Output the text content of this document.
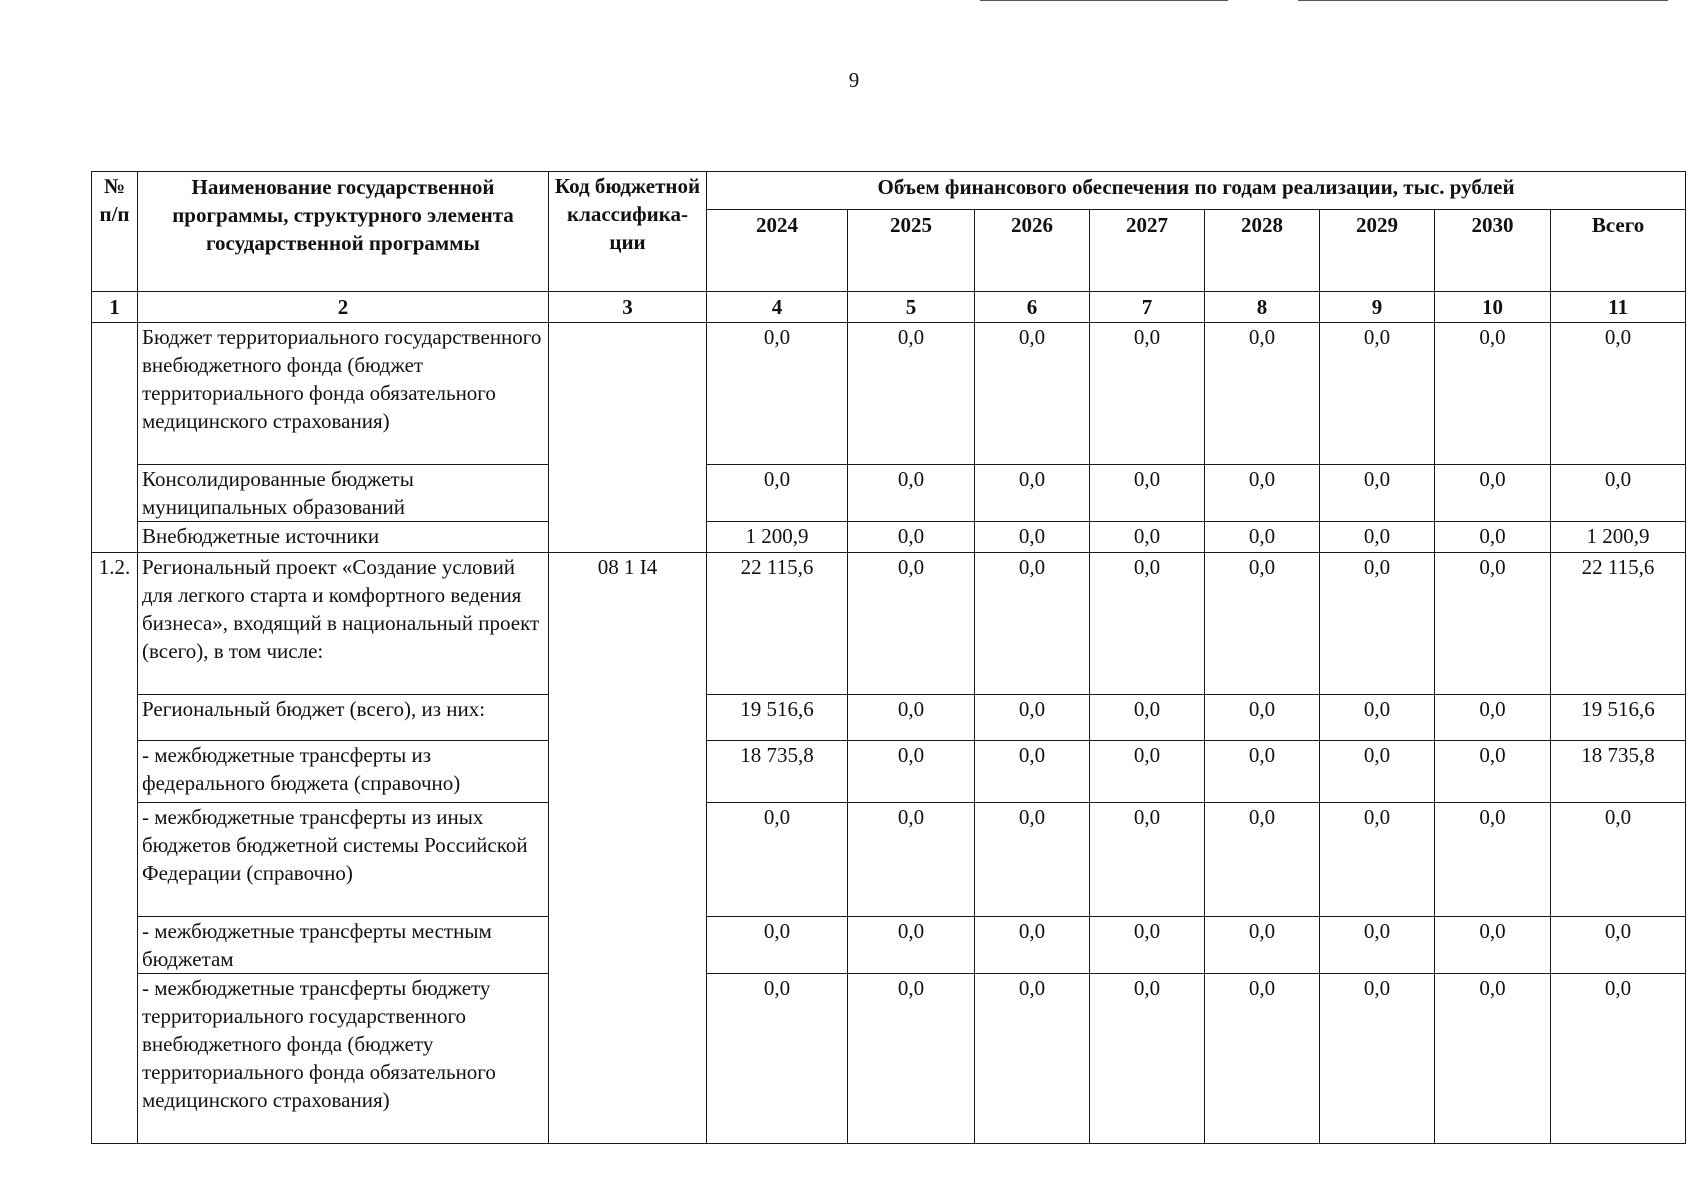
9
№ п/п	Наименование государственной программы, структурного элемента государственной программы	Код бюджетной классифика-ции	Объем финансового обеспечения по годам реализации, тыс. рублей							
			2024	2025	2026	2027	2028	2029	2030	Всего
1	2	3	4	5	6	7	8	9	10	11
	Бюджет территориального государственного внебюджетного фонда (бюджет территориального фонда обязательного медицинского страхования)		0,0	0,0	0,0	0,0	0,0	0,0	0,0	0,0
	Консолидированные бюджеты муниципальных образований		0,0	0,0	0,0	0,0	0,0	0,0	0,0	0,0
	Внебюджетные источники		1 200,9	0,0	0,0	0,0	0,0	0,0	0,0	1 200,9
1.2.	Региональный проект «Создание условий для легкого старта и комфортного ведения бизнеса», входящий в национальный проект (всего), в том числе:	08 1 I4	22 115,6	0,0	0,0	0,0	0,0	0,0	0,0	22 115,6
	Региональный бюджет (всего), из них:		19 516,6	0,0	0,0	0,0	0,0	0,0	0,0	19 516,6
	- межбюджетные трансферты из федерального бюджета (справочно)		18 735,8	0,0	0,0	0,0	0,0	0,0	0,0	18 735,8
	- межбюджетные трансферты из иных бюджетов бюджетной системы Российской Федерации (справочно)		0,0	0,0	0,0	0,0	0,0	0,0	0,0	0,0
	- межбюджетные трансферты местным бюджетам		0,0	0,0	0,0	0,0	0,0	0,0	0,0	0,0
	- межбюджетные трансферты бюджету территориального государственного внебюджетного фонда (бюджету территориального фонда обязательного медицинского страхования)		0,0	0,0	0,0	0,0	0,0	0,0	0,0	0,0
